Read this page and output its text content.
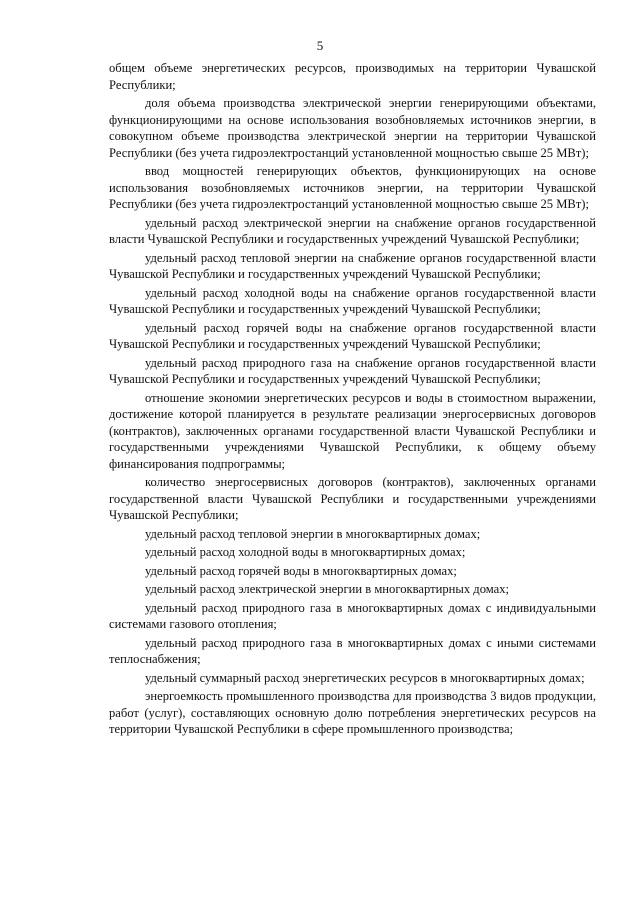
5

общем объеме энергетических ресурсов, производимых на территории Чувашской Республики;

доля объема производства электрической энергии генерирующими объектами, функционирующими на основе использования возобновляемых источников энергии, в совокупном объеме производства электрической энергии на территории Чувашской Республики (без учета гидроэлектростанций установленной мощностью свыше 25 МВт);

ввод мощностей генерирующих объектов, функционирующих на основе использования возобновляемых источников энергии, на территории Чувашской Республики (без учета гидроэлектростанций установленной мощностью свыше 25 МВт);

удельный расход электрической энергии на снабжение органов государственной власти Чувашской Республики и государственных учреждений Чувашской Республики;

удельный расход тепловой энергии на снабжение органов государственной власти Чувашской Республики и государственных учреждений Чувашской Республики;

удельный расход холодной воды на снабжение органов государственной власти Чувашской Республики и государственных учреждений Чувашской Республики;

удельный расход горячей воды на снабжение органов государственной власти Чувашской Республики и государственных учреждений Чувашской Республики;

удельный расход природного газа на снабжение органов государственной власти Чувашской Республики и государственных учреждений Чувашской Республики;

отношение экономии энергетических ресурсов и воды в стоимостном выражении, достижение которой планируется в результате реализации энергосервисных договоров (контрактов), заключенных органами государственной власти Чувашской Республики и государственными учреждениями Чувашской Республики, к общему объему финансирования подпрограммы;

количество энергосервисных договоров (контрактов), заключенных органами государственной власти Чувашской Республики и государственными учреждениями Чувашской Республики;

удельный расход тепловой энергии в многоквартирных домах;

удельный расход холодной воды в многоквартирных домах;

удельный расход горячей воды в многоквартирных домах;

удельный расход электрической энергии в многоквартирных домах;

удельный расход природного газа в многоквартирных домах с индивидуальными системами газового отопления;

удельный расход природного газа в многоквартирных домах с иными системами теплоснабжения;

удельный суммарный расход энергетических ресурсов в многоквартирных домах;

энергоемкость промышленного производства для производства 3 видов продукции, работ (услуг), составляющих основную долю потребления энергетических ресурсов на территории Чувашской Республики в сфере промышленного производства;
